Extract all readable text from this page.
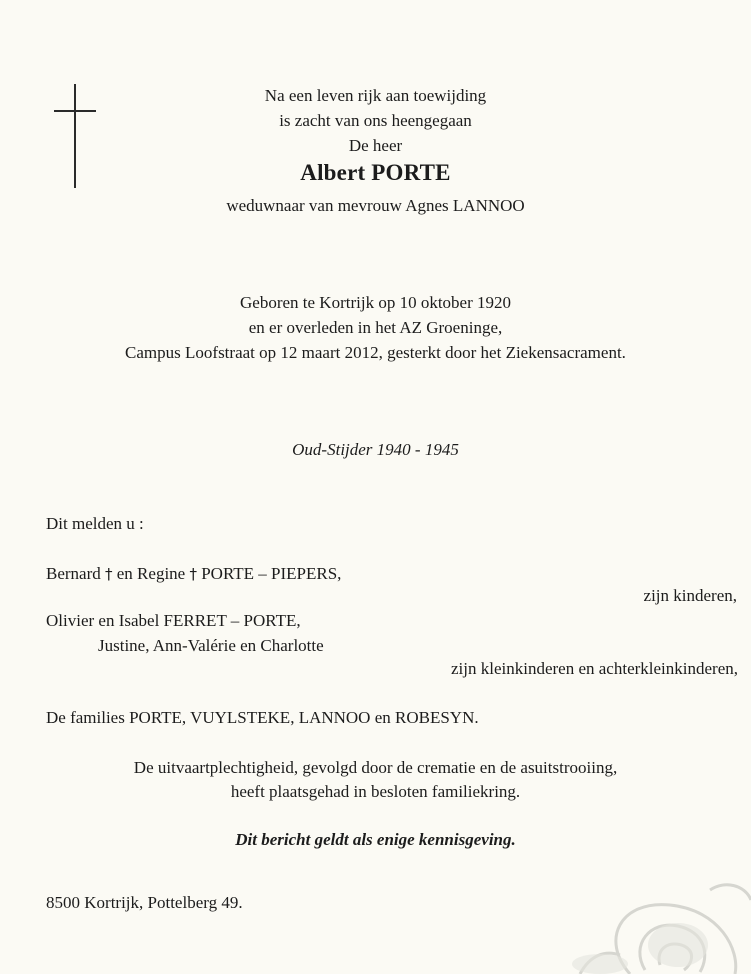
Na een leven rijk aan toewijding
is zacht van ons heengegaan
De heer
Albert PORTE
weduwnaar van mevrouw Agnes LANNOO
Geboren te Kortrijk op 10 oktober 1920
en er overleden in het AZ Groeninge,
Campus Loofstraat op 12 maart 2012, gesterkt door het Ziekensacrament.
Oud-Stijder 1940 - 1945
Dit melden u :
Bernard † en Regine † PORTE – PIEPERS,
zijn kinderen,
Olivier en Isabel FERRET – PORTE,
Justine, Ann-Valérie en Charlotte
zijn kleinkinderen en achterkleinkinderen,
De families PORTE, VUYLSTEKE, LANNOO en ROBESYN.
De uitvaartplechtigheid, gevolgd door de crematie en de asuitstrooiing,
heeft plaatsgehad in besloten familiekring.
Dit bericht geldt als enige kennisgeving.
8500 Kortrijk, Pottelberg 49.
